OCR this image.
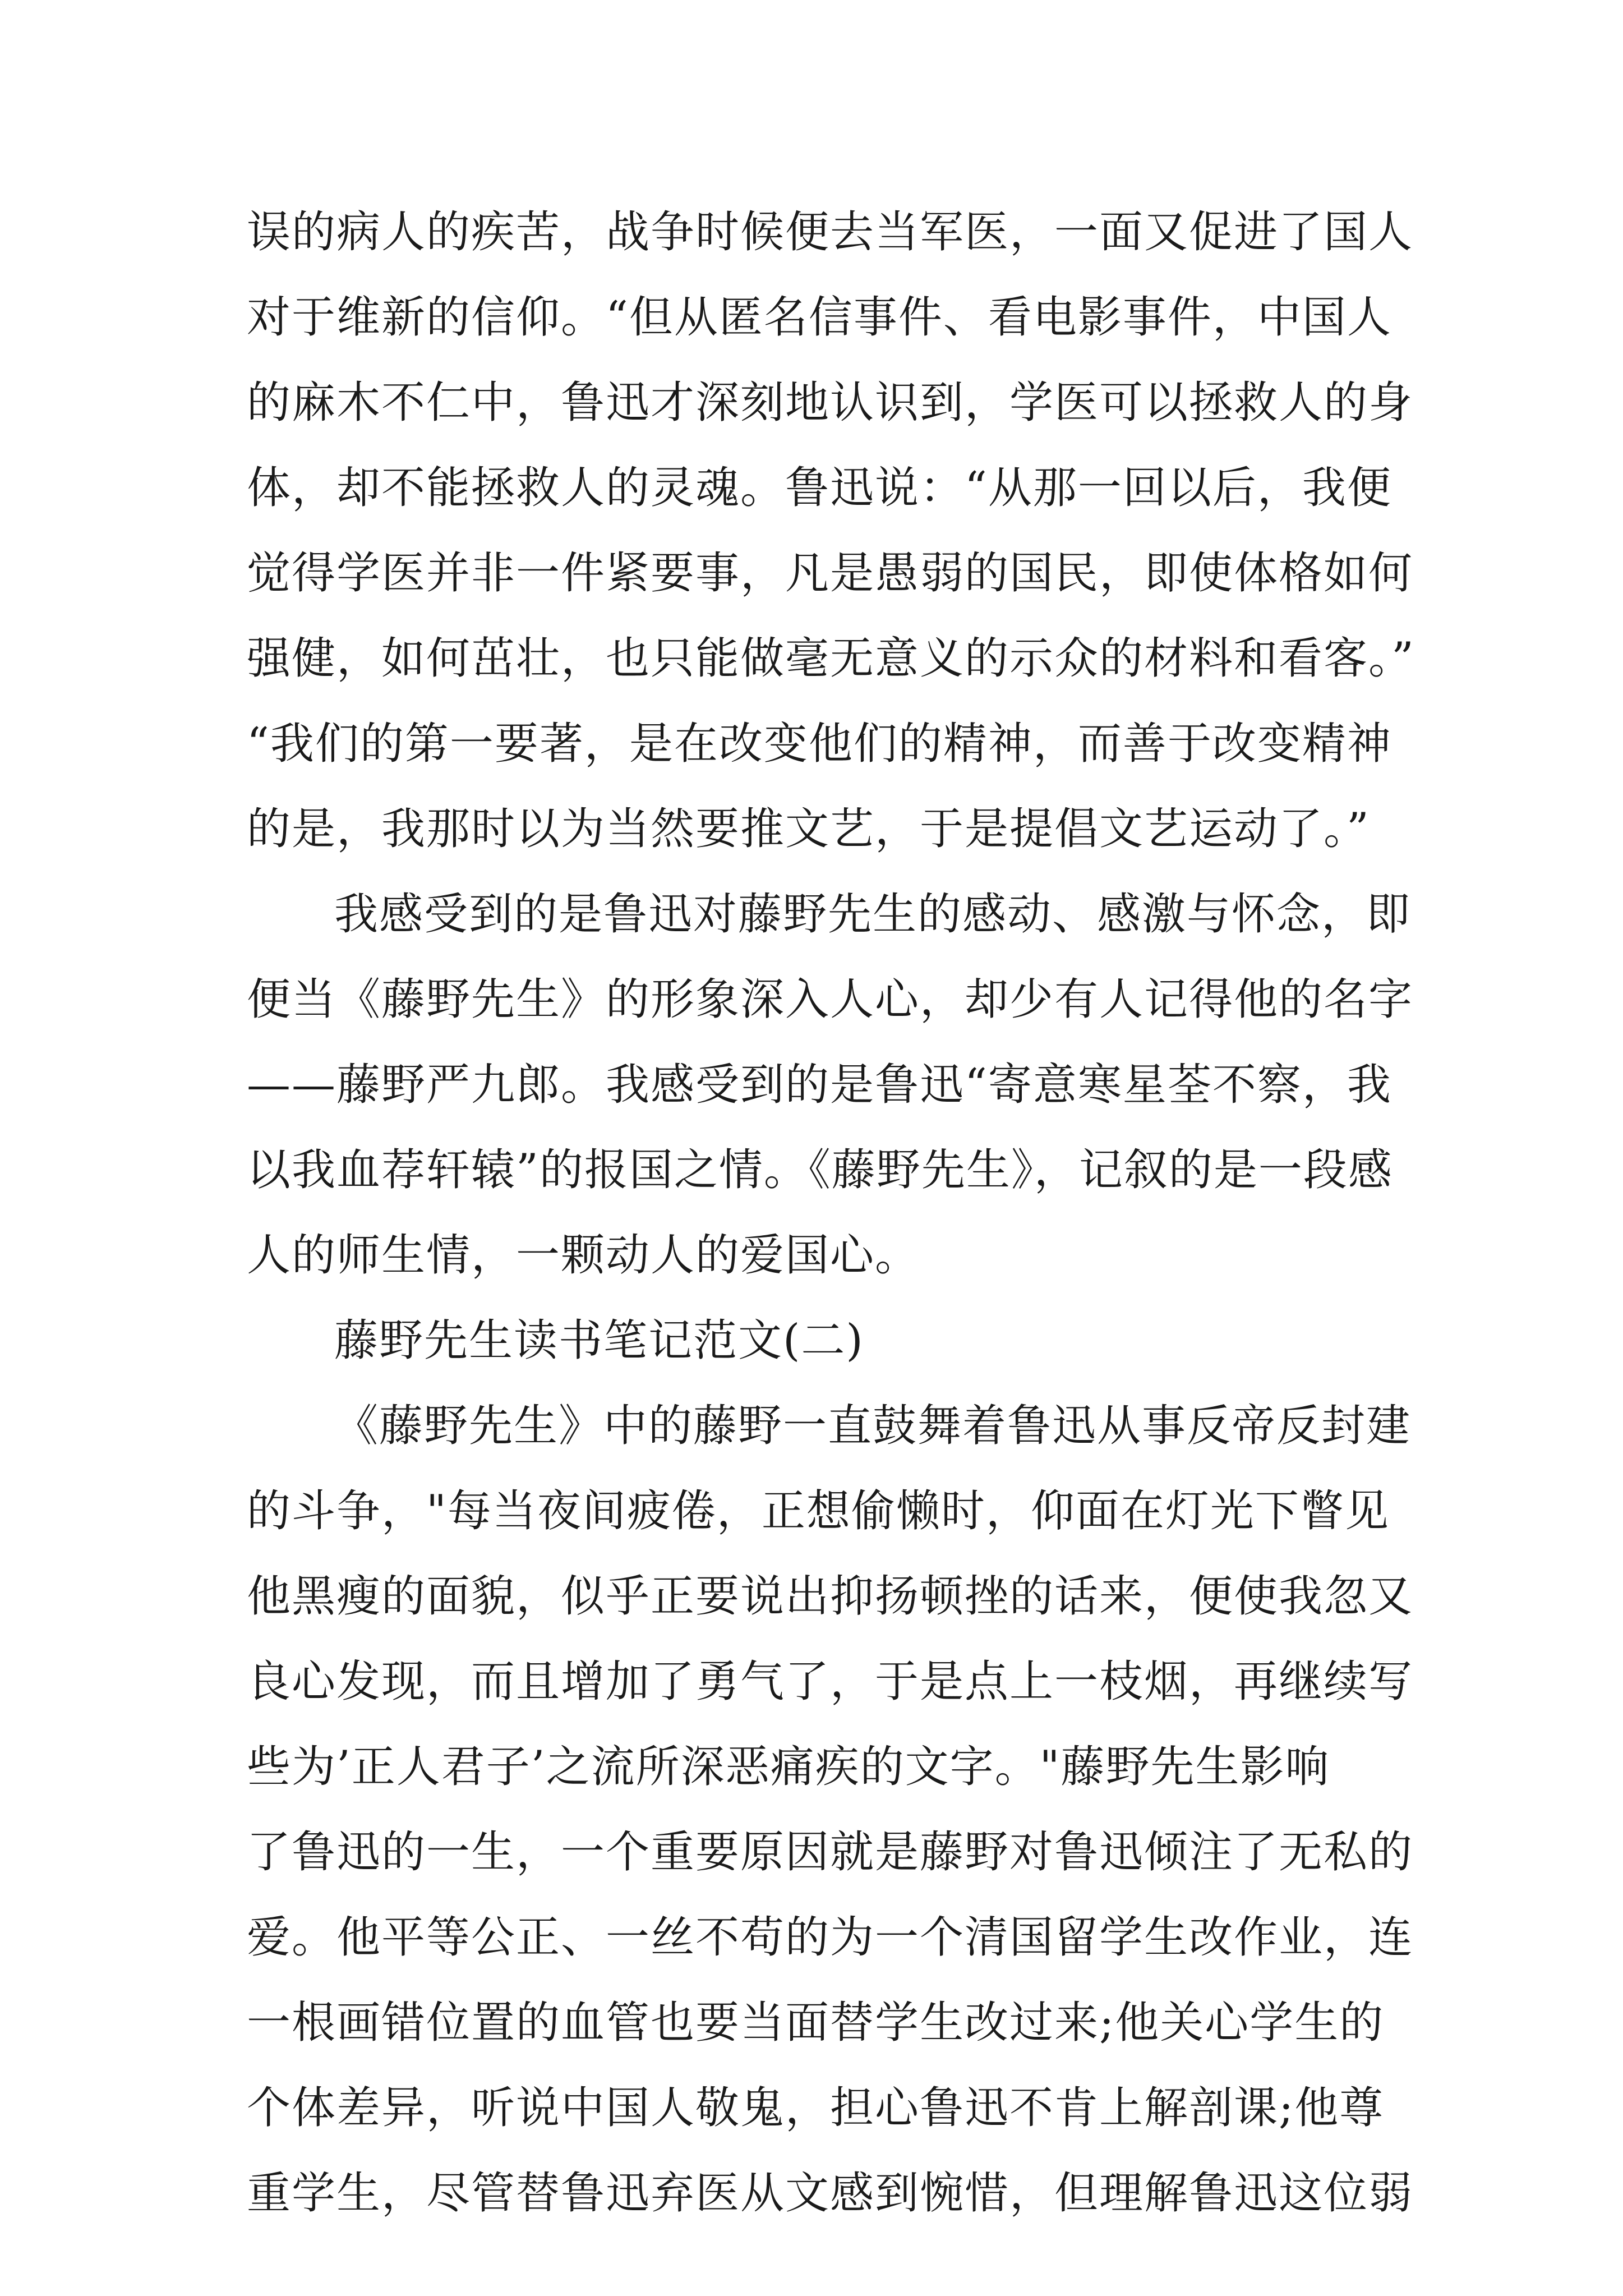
误的病人的疾苦，战争时候便去当军医，一面又促进了国人
对于维新的信仰。“但从匿名信事件、看电影事件，中国人
的麻木不仁中，鲁迅才深刻地认识到，学医可以拯救人的身
体，却不能拯救人的灵魂。鲁迅说：“从那一回以后，我便
觉得学医并非一件紧要事，凡是愚弱的国民，即使体格如何
强健，如何茁壮，也只能做毫无意义的示众的材料和看客。”
“我们的第一要著，是在改变他们的精神，而善于改变精神
的是，我那时以为当然要推文艺，于是提倡文艺运动了。”
我感受到的是鲁迅对藤野先生的感动、感激与怀念，即
便当《藤野先生》的形象深入人心，却少有人记得他的名字
——藤野严九郎。我感受到的是鲁迅“寄意寒星荃不察，我
以我血荐轩辕”的报国之情。《藤野先生》，记叙的是一段感
人的师生情，一颗动人的爱国心。
藤野先生读书笔记范文(二)
《藤野先生》中的藤野一直鼓舞着鲁迅从事反帝反封建
的斗争，"每当夜间疲倦，正想偷懒时，仰面在灯光下瞥见
他黑瘦的面貌，似乎正要说出抑扬顿挫的话来，便使我忽又
良心发现，而且增加了勇气了，于是点上一枝烟，再继续写
些为’正人君子’之流所深恶痛疾的文字。"藤野先生影响
了鲁迅的一生，一个重要原因就是藤野对鲁迅倾注了无私的
爱。他平等公正、一丝不苟的为一个清国留学生改作业，连
一根画错位置的血管也要当面替学生改过来;他关心学生的
个体差异，听说中国人敬鬼，担心鲁迅不肯上解剖课;他尊
重学生，尽管替鲁迅弃医从文感到惋惜，但理解鲁迅这位弱
